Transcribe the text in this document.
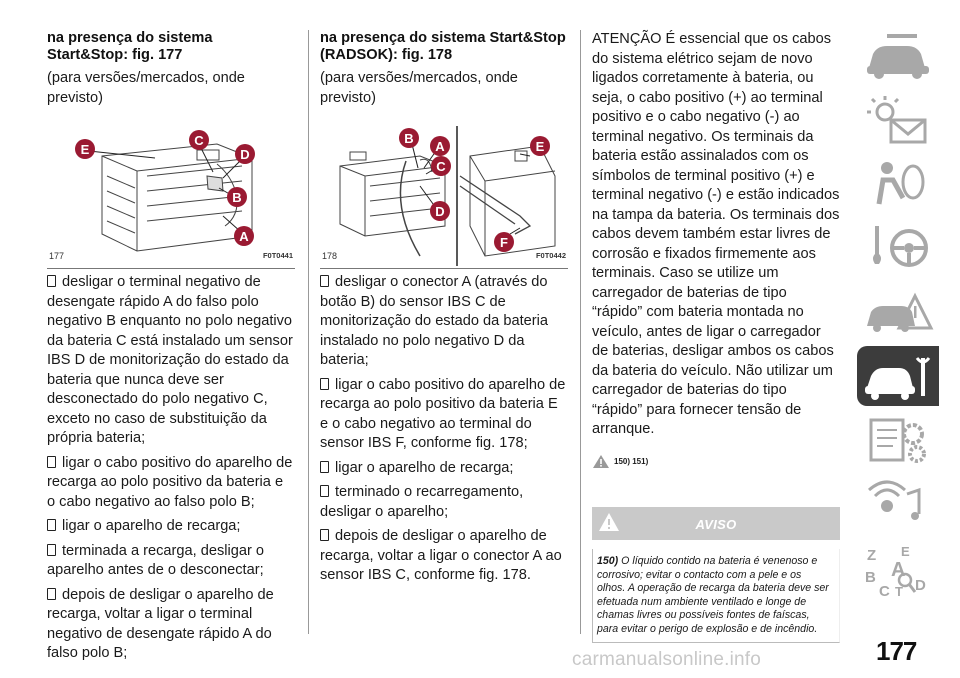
na presença do sistema Start&Stop: fig. 177

(para versões/mercados, onde previsto)

E
C
D
B
A
177	F0T0441

desligar o terminal negativo de desengate rápido A do falso polo negativo B enquanto no polo negativo da bateria C está instalado um sensor IBS D de monitorização do estado da bateria que nunca deve ser desconectado do polo negativo C, exceto no caso de substituição da própria bateria;

ligar o cabo positivo do aparelho de recarga ao polo positivo da bateria e o cabo negativo ao falso polo B;

ligar o aparelho de recarga;

terminada a recarga, desligar o aparelho antes de o desconectar;

depois de desligar o aparelho de recarga, voltar a ligar o terminal negativo de desengate rápido A do falso polo B;

na presença do sistema Start&Stop (RADSOK): fig. 178

(para versões/mercados, onde previsto)

B
A
C
D
E
F
178	F0T0442

desligar o conector A (através do botão B) do sensor IBS C de monitorização do estado da bateria instalado no polo negativo D da bateria;

ligar o cabo positivo do aparelho de recarga ao polo positivo da bateria E e o cabo negativo ao terminal do sensor IBS F, conforme fig. 178;

ligar o aparelho de recarga;

terminado o recarregamento, desligar o aparelho;

depois de desligar o aparelho de recarga, voltar a ligar o conector A ao sensor IBS C, conforme fig. 178.

ATENÇÃO É essencial que os cabos do sistema elétrico sejam de novo ligados corretamente à bateria, ou seja, o cabo positivo (+) ao terminal positivo e o cabo negativo (-) ao terminal negativo. Os terminais da bateria estão assinalados com os símbolos de terminal positivo (+) e terminal negativo (-) e estão indicados na tampa da bateria. Os terminais dos cabos devem também estar livres de corrosão e fixados firmemente aos terminais. Caso se utilize um carregador de baterias de tipo “rápido” com bateria montada no veículo, antes de ligar o carregador de baterias, desligar ambos os cabos da bateria do veículo. Não utilizar um carregador de baterias do tipo “rápido” para fornecer tensão de arranque.

150) 151)
AVISO
150) O líquido contido na bateria é venenoso e corrosivo; evitar o contacto com a pele e os olhos. A operação de recarga da bateria deve ser efetuada num ambiente ventilado e longe de chamas livres ou possíveis fontes de faíscas, para evitar o perigo de explosão e de incêndio.
Z E
A
B
C T D
177
carmanualsonline.info
